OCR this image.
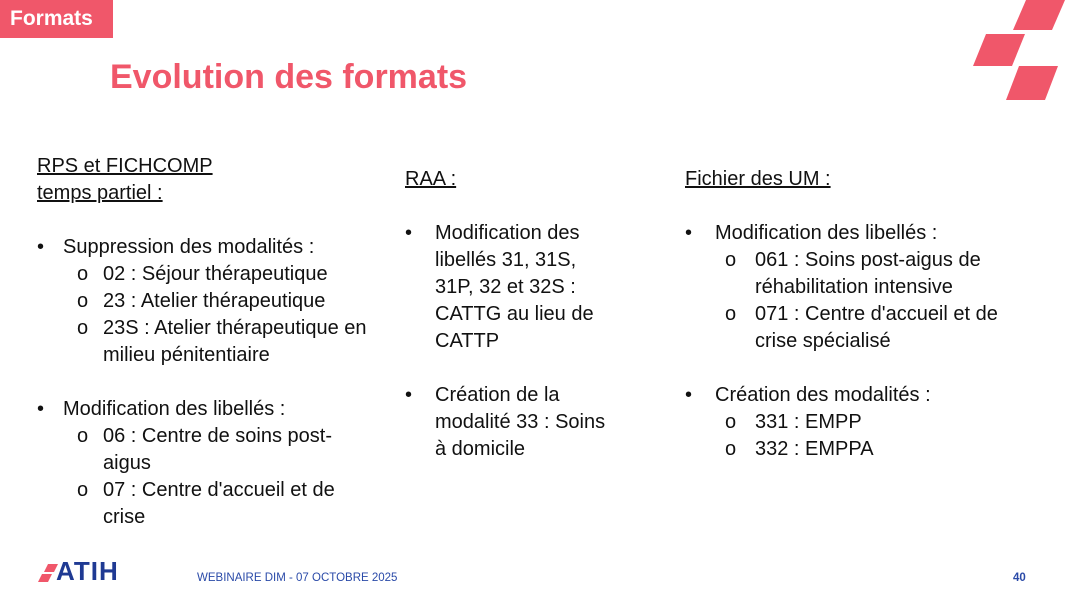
Formats
Evolution des formats
RPS et FICHCOMP
temps partiel :
• Suppression des modalités :
o 02 : Séjour thérapeutique
o 23 : Atelier thérapeutique
o 23S : Atelier thérapeutique en milieu pénitentiaire
• Modification des libellés :
o 06 : Centre de soins post-aigus
o 07 : Centre d'accueil et de crise
RAA :
• Modification des libellés 31, 31S, 31P, 32 et 32S : CATTG au lieu de CATTP
• Création de la modalité 33 : Soins à domicile
Fichier des UM :
• Modification des libellés :
o 061 : Soins post-aigus de réhabilitation intensive
o 071 : Centre d'accueil et de crise spécialisé
• Création des modalités :
o 331 : EMPP
o 332 : EMPPA
ATIH	WEBINAIRE DIM - 07 OCTOBRE 2025	40
